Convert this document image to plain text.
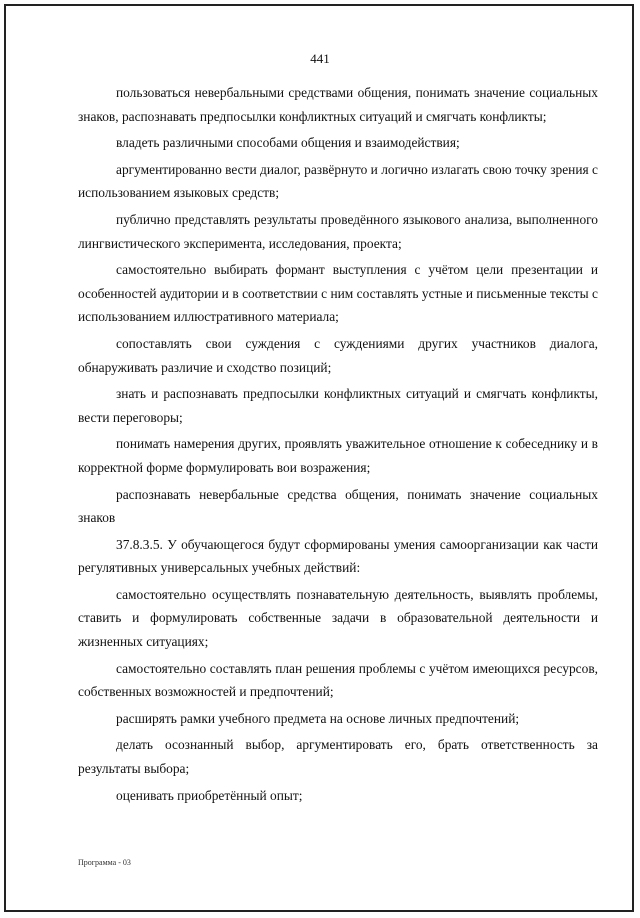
441

пользоваться невербальными средствами общения, понимать значение социальных знаков, распознавать предпосылки конфликтных ситуаций и смягчать конфликты;

владеть различными способами общения и взаимодействия;

аргументированно вести диалог, развёрнуто и логично излагать свою точку зрения с использованием языковых средств;

публично представлять результаты проведённого языкового анализа, выполненного лингвистического эксперимента, исследования, проекта;

самостоятельно выбирать формант выступления с учётом цели презентации и особенностей аудитории и в соответствии с ним составлять устные и письменные тексты с использованием иллюстративного материала;

сопоставлять свои суждения с суждениями других участников диалога, обнаруживать различие и сходство позиций;

знать и распознавать предпосылки конфликтных ситуаций и смягчать конфликты, вести переговоры;

понимать намерения других, проявлять уважительное отношение к собеседнику и в корректной форме формулировать вои возражения;

распознавать невербальные средства общения, понимать значение социальных знаков

37.8.3.5. У обучающегося будут сформированы умения самоорганизации как части регулятивных универсальных учебных действий:

самостоятельно осуществлять познавательную деятельность, выявлять проблемы, ставить и формулировать собственные задачи в образовательной деятельности и жизненных ситуациях;

самостоятельно составлять план решения проблемы с учётом имеющихся ресурсов, собственных возможностей и предпочтений;

расширять рамки учебного предмета на основе личных предпочтений;

делать осознанный выбор, аргументировать его, брать ответственность за результаты выбора;

оценивать приобретённый опыт;

Программа - 03
